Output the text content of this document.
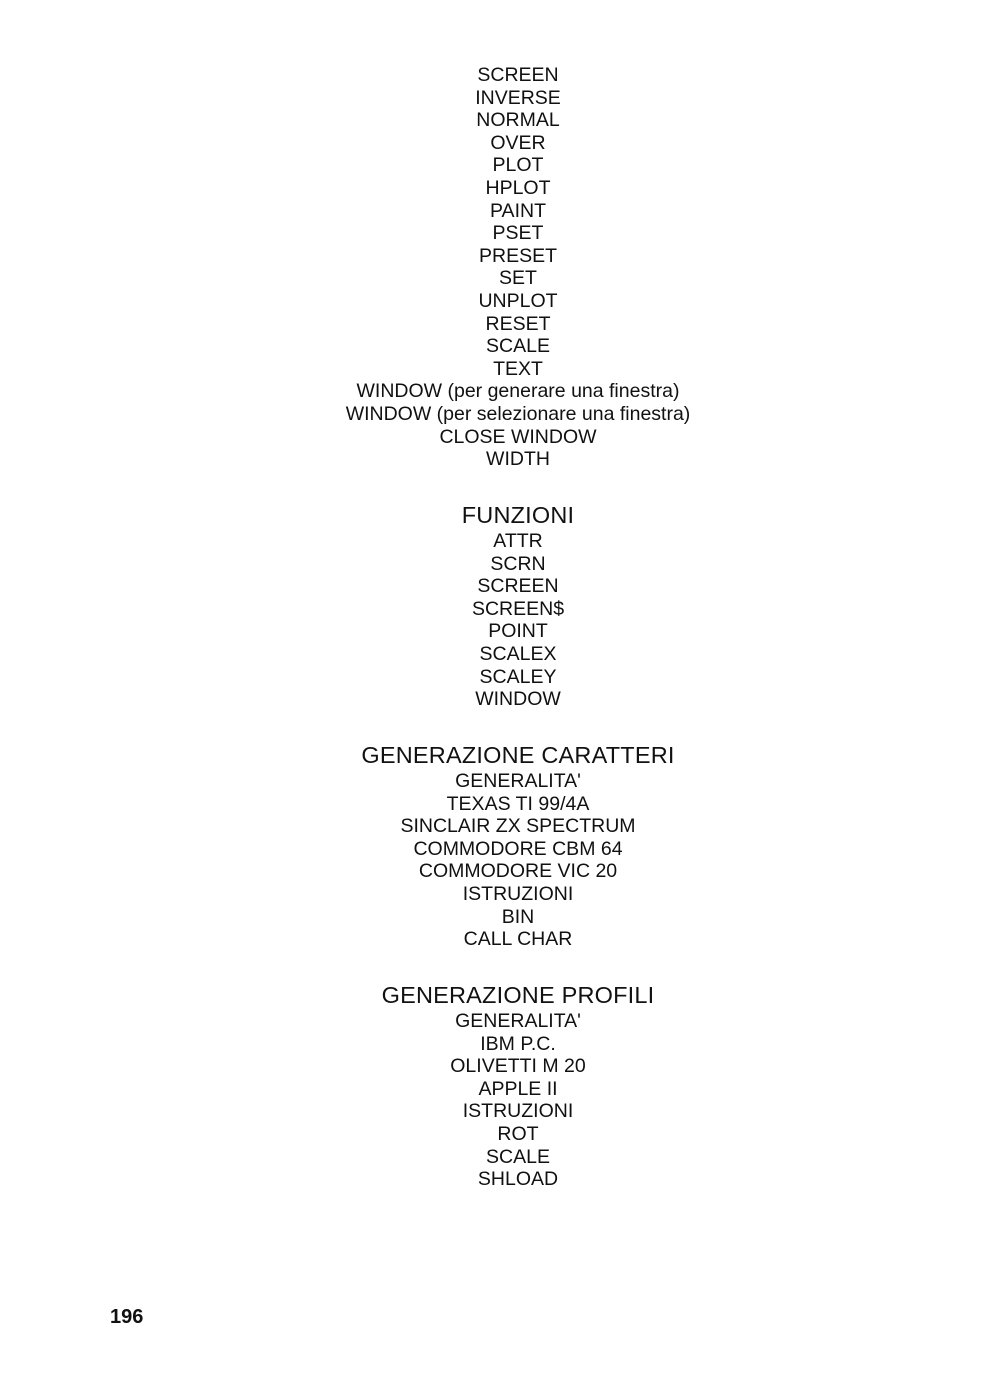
SCREEN
INVERSE
NORMAL
OVER
PLOT
HPLOT
PAINT
PSET
PRESET
SET
UNPLOT
RESET
SCALE
TEXT
WINDOW (per generare una finestra)
WINDOW (per selezionare una finestra)
CLOSE WINDOW
WIDTH
FUNZIONI
ATTR
SCRN
SCREEN
SCREEN$
POINT
SCALEX
SCALEY
WINDOW
GENERAZIONE CARATTERI
GENERALITA'
TEXAS TI 99/4A
SINCLAIR ZX SPECTRUM
COMMODORE CBM 64
COMMODORE VIC 20
ISTRUZIONI
BIN
CALL CHAR
GENERAZIONE PROFILI
GENERALITA'
IBM P.C.
OLIVETTI M 20
APPLE II
ISTRUZIONI
ROT
SCALE
SHLOAD
196
